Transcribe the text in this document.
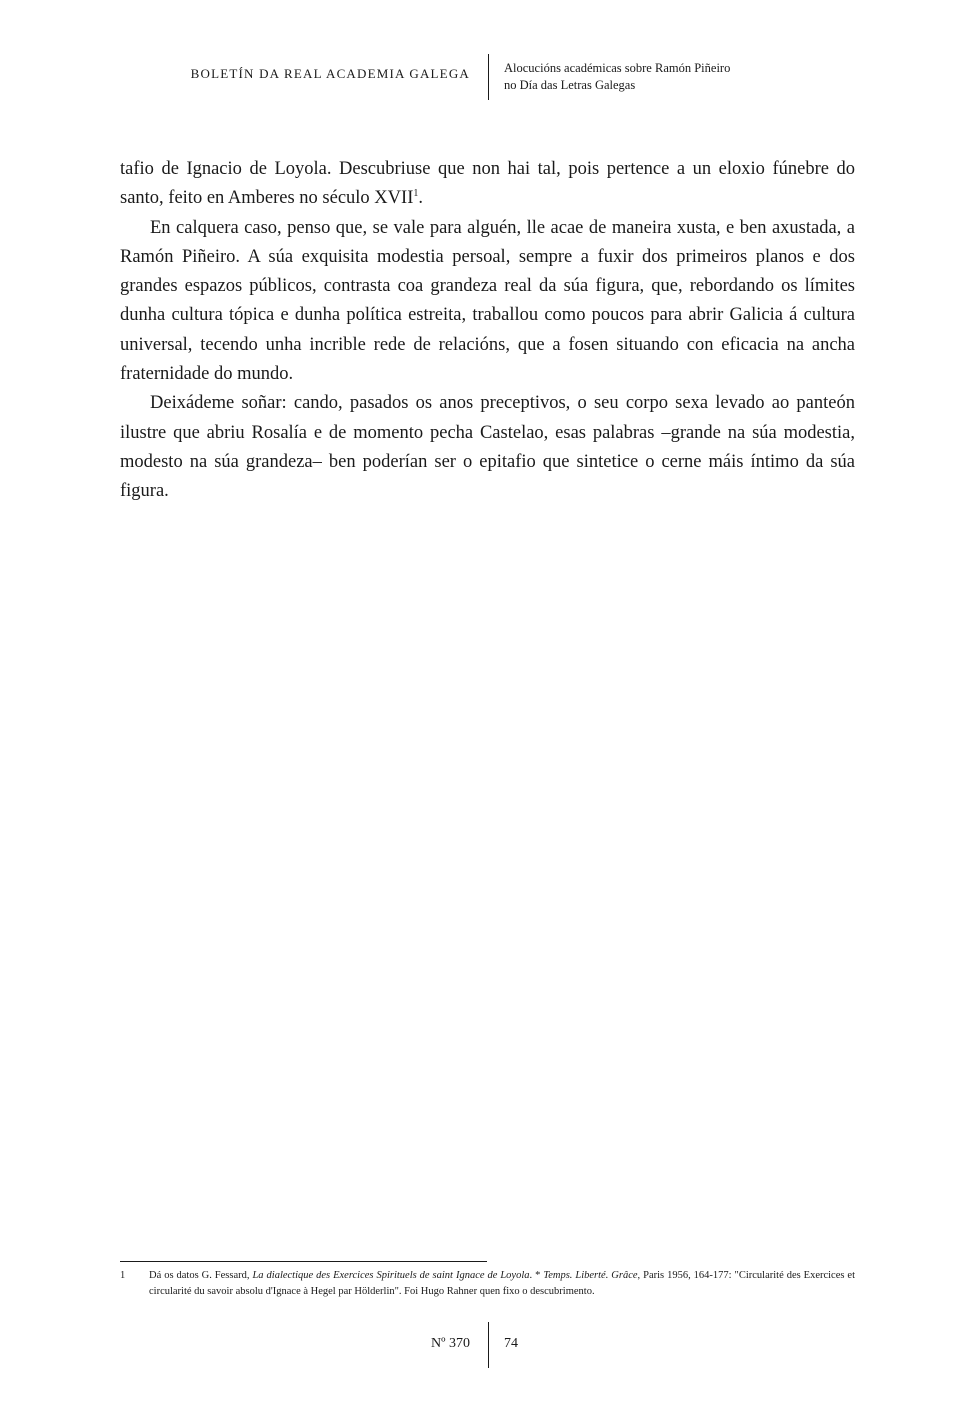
BOLETÍN DA REAL ACADEMIA GALEGA	Alocucións académicas sobre Ramón Piñeiro
no Día das Letras Galegas

tafio de Ignacio de Loyola. Descubriuse que non hai tal, pois pertence a un eloxio fúnebre do santo, feito en Amberes no século XVII$^1$.

En calquera caso, penso que, se vale para alguén, lle acae de maneira xusta, e ben axustada, a Ramón Piñeiro. A súa exquisita modestia persoal, sempre a fuxir dos primeiros planos e dos grandes espazos públicos, contrasta coa grandeza real da súa figura, que, rebordando os límites dunha cultura tópica e dunha política estreita, traballou como poucos para abrir Galicia á cultura universal, tecendo unha incrible rede de relacións, que a fosen situando con eficacia na ancha fraternidade do mundo.

Deixádeme soñar: cando, pasados os anos preceptivos, o seu corpo sexa levado ao panteón ilustre que abriu Rosalía e de momento pecha Castelao, esas palabras –grande na súa modestia, modesto na súa grandeza– ben poderían ser o epitafio que sintetice o cerne máis íntimo da súa figura.

1 Dá os datos G. Fessard, La dialectique des Exercices Spirituels de saint Ignace de Loyola. * Temps. Liberté. Grâce, Paris 1956, 164-177: "Circularité des Exercices et circularité du savoir absolu d'Ignace à Hegel par Hölderlin". Foi Hugo Rahner quen fixo o descubrimento.
Nº 370 74
